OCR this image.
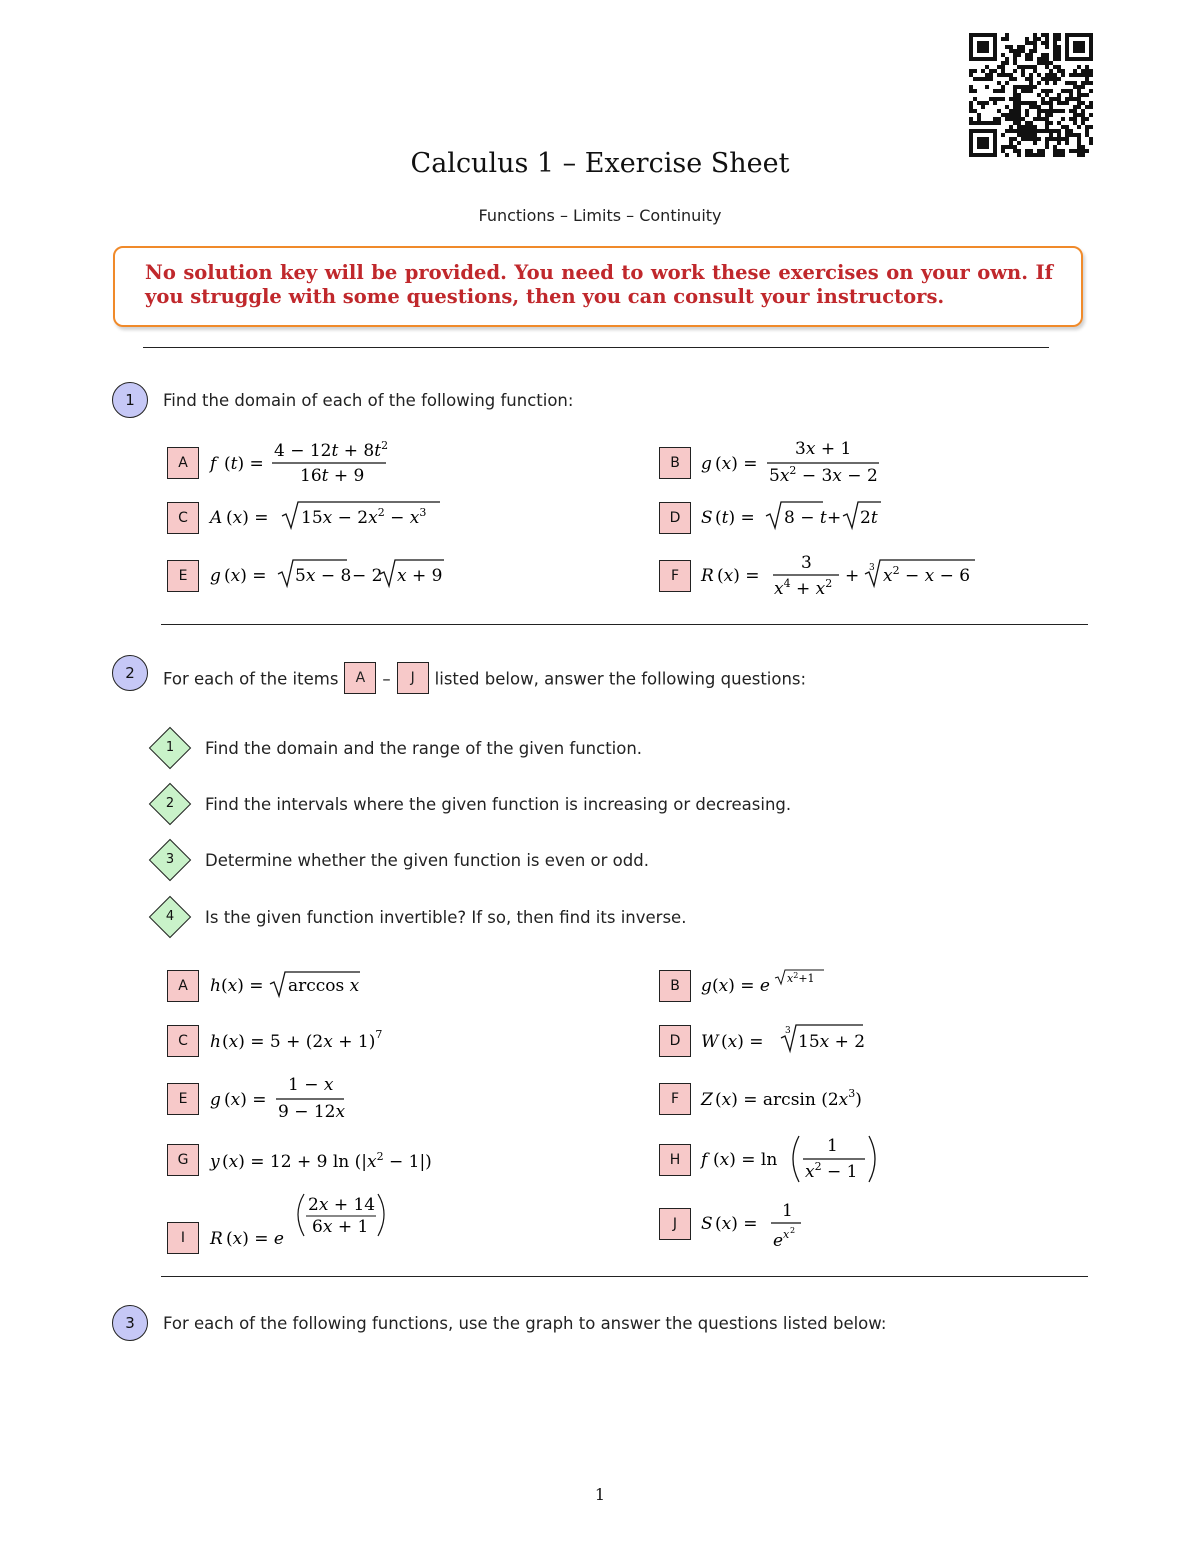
Calculus 1 – Exercise Sheet
Functions – Limits – Continuity
No solution key will be provided. You need to work these exercises on your own. If you struggle with some questions, then you can consult your instructors.
1	Find the domain of each of the following function:
A	f (t) =
$4 - 12t + 8t^2$
16t + 9
B	g (x) =
3x + 1
$5x^2 - 3x - 2$
C	A $(x) = 15x - 2x^2 - x^3$	D	S (t) = 8 − t + 2t
E	g (x) = 5x − 8 − 2 x + 9	F	R (x) =
3
$x^4 + x^2 + 3$ $x^2 - x - 6$
2	For each of the items A – J listed below, answer the following questions:
1	Find the domain and the range of the given function.
2	Find the intervals where the given function is increasing or decreasing.
3	Determine whether the given function is even or odd.
4	Is the given function invertible? If so, then find its inverse.
A	h (x) = arccos x	B	g (x) = e $x^2+1$
C	h $(x) = 5 + (2x + 1)^7$	D	W (x) =
3
15x + 2
E	g (x) =
1 − x
9 − 12x
F	Z $(x) = \arcsin (2x^3)$
G	y (x) = 12 + 9 $\ln (|x^2 - 1|)$	H	f (x) = ln
1
$x^2 - 1$
I	R (x) = e
2x + 14
6x + 1	J	S (x) =
1
e x 2
3	For each of the following functions, use the graph to answer the questions listed below:
1
